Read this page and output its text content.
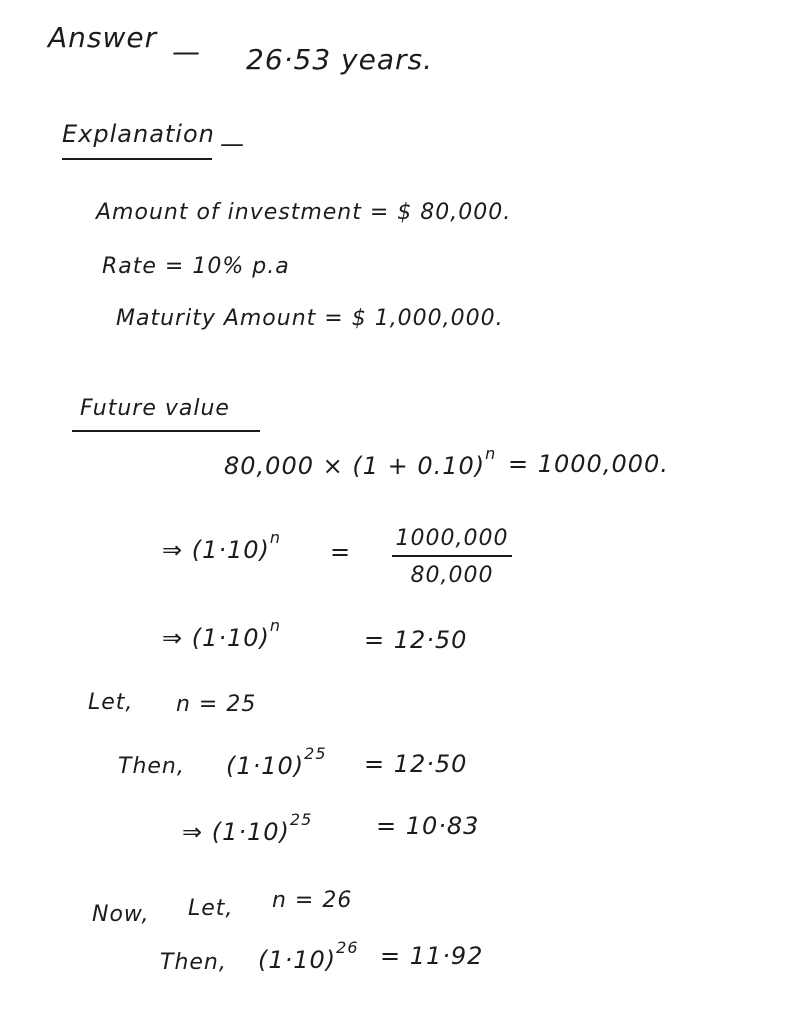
Answer — 26·53 years.
Explanation —
Amount of investment = $ 80,000.
Rate = 10% p.a
Maturity Amount = $ 1,000,000.
Future value
$80,000 \times (1 + 0.10)^n = 1000,000$.
⇒ $(1\cdot 10)^n$
= 1000,000
80,000
⇒ $(1\cdot 10)^n$
= 12·50
Let, n = 25
Then, $(1\cdot 10)^{25} = 12\cdot 50$
⇒ $(1\cdot 10)^{25}$	= 10·83
Now, Let, n = 26
Then, $(1\cdot 10)^{26} = 11\cdot 92$
